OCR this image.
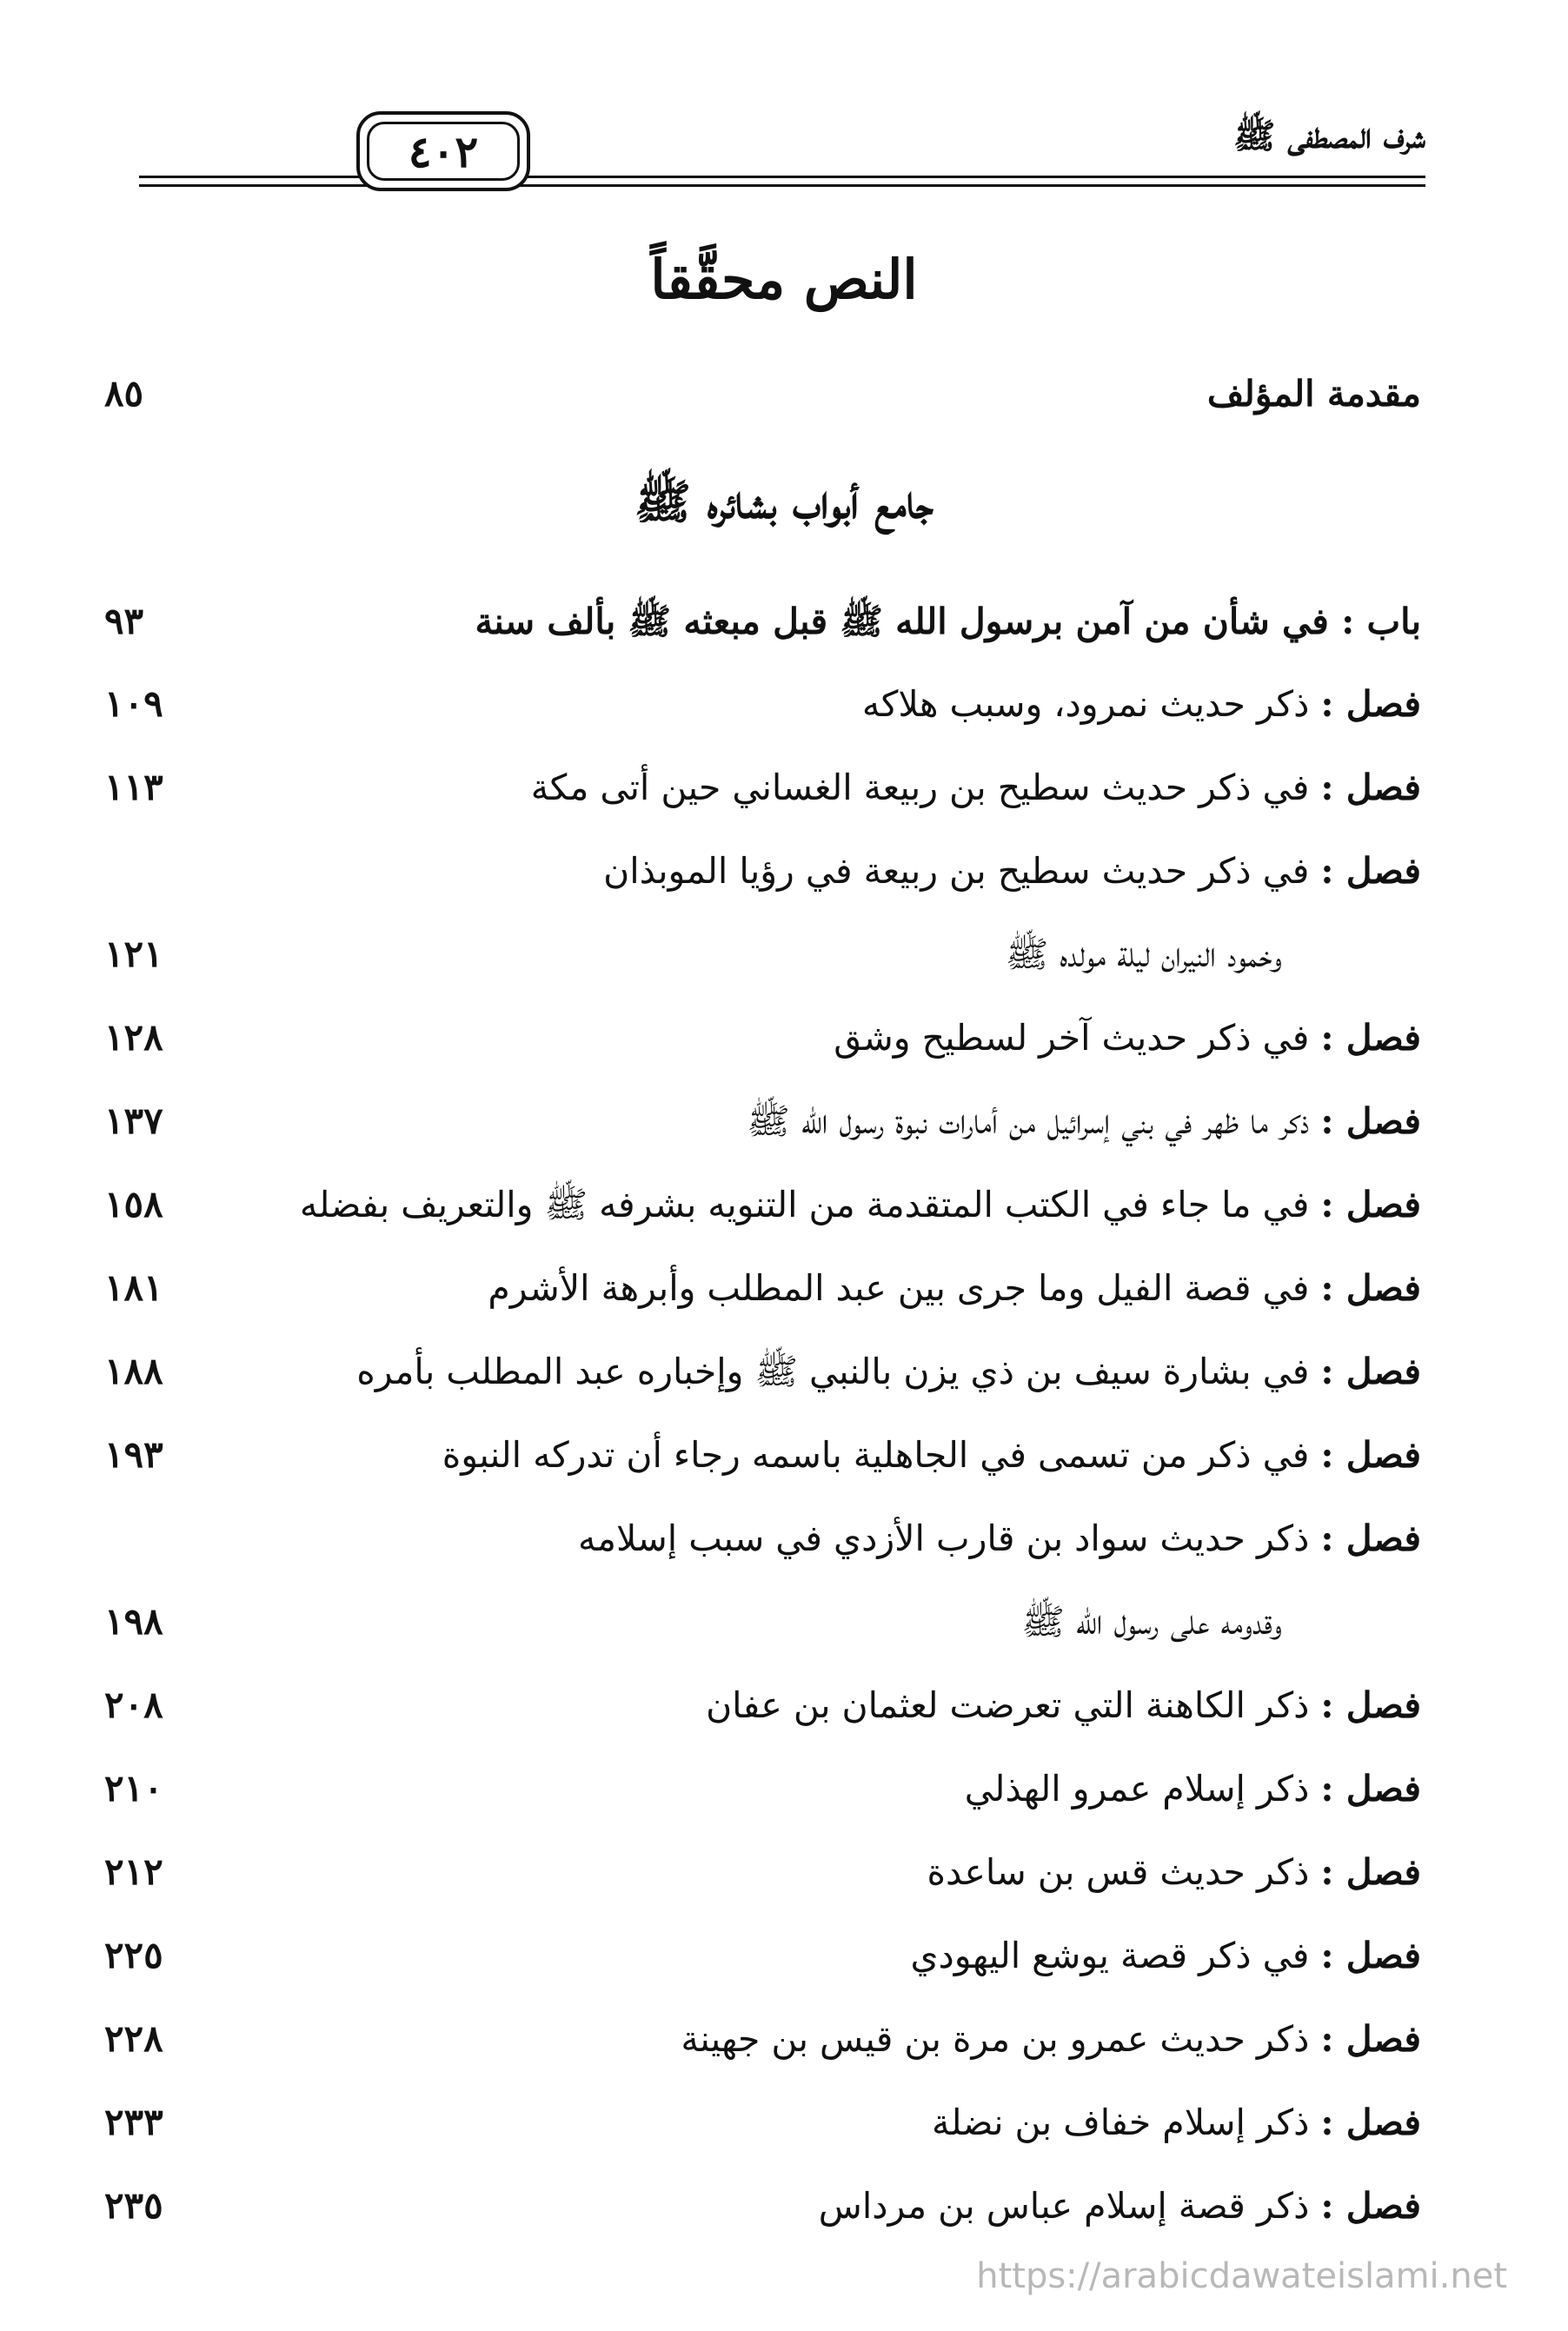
٤٠٢	شرف المصطفى ﷺ
النص محقَّقاً
مقدمة المؤلف
٨٥
جامع أبواب بشائره ﷺ
باب : في شأن من آمن برسول الله ﷺ قبل مبعثه ﷺ بألف سنة
٩٣
فصل : ذكر حديث نمرود، وسبب هلاكه
١٠٩
فصل : في ذكر حديث سطيح بن ربيعة الغساني حين أتى مكة
١١٣
فصل : في ذكر حديث سطيح بن ربيعة في رؤيا الموبذان
وخمود النيران ليلة مولده ﷺ
١٢١
فصل : في ذكر حديث آخر لسطيح وشق
١٢٨
فصل : ذكر ما ظهر في بني إسرائيل من أمارات نبوة رسول الله ﷺ
١٣٧
فصل : في ما جاء في الكتب المتقدمة من التنويه بشرفه ﷺ والتعريف بفضله
١٥٨
فصل : في قصة الفيل وما جرى بين عبد المطلب وأبرهة الأشرم
١٨١
فصل : في بشارة سيف بن ذي يزن بالنبي ﷺ وإخباره عبد المطلب بأمره
١٨٨
فصل : في ذكر من تسمى في الجاهلية باسمه رجاء أن تدركه النبوة
١٩٣
فصل : ذكر حديث سواد بن قارب الأزدي في سبب إسلامه
وقدومه على رسول الله ﷺ
١٩٨
فصل : ذكر الكاهنة التي تعرضت لعثمان بن عفان
٢٠٨
فصل : ذكر إسلام عمرو الهذلي
٢١٠
فصل : ذكر حديث قس بن ساعدة
٢١٢
فصل : في ذكر قصة يوشع اليهودي
٢٢٥
فصل : ذكر حديث عمرو بن مرة بن قيس بن جهينة
٢٢٨
فصل : ذكر إسلام خفاف بن نضلة
٢٣٣
فصل : ذكر قصة إسلام عباس بن مرداس
٢٣٥
https://arabicdawateislami.net
